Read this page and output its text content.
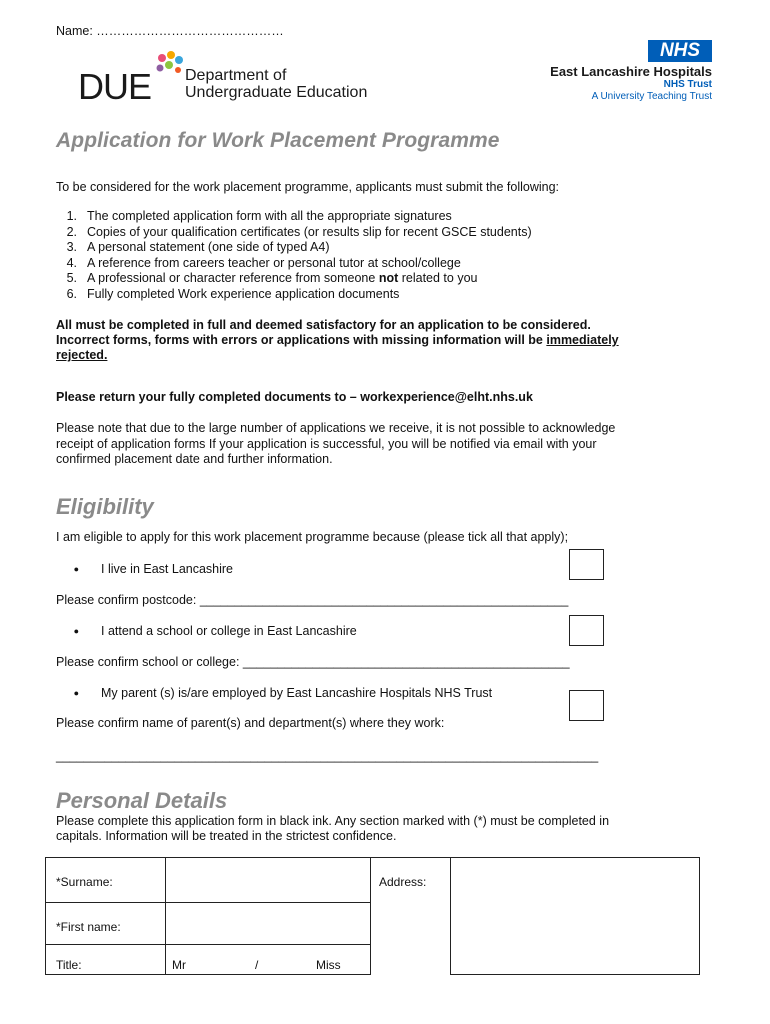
Name: ………………………………………
DUE Department of
Undergraduate Education
NHS
East Lancashire Hospitals
NHS Trust
A University Teaching Trust
Application for Work Placement Programme
To be considered for the work placement programme, applicants must submit the following:
1. The completed application form with all the appropriate signatures
2. Copies of your qualification certificates (or results slip for recent GSCE students)
3. A personal statement (one side of typed A4)
4. A reference from careers teacher or personal tutor at school/college
5. A professional or character reference from someone not related to you
6. Fully completed Work experience application documents
All must be completed in full and deemed satisfactory for an application to be considered.
Incorrect forms, forms with errors or applications with missing information will be immediately
rejected.
Please return your fully completed documents to – workexperience@elht.nhs.uk
Please note that due to the large number of applications we receive, it is not possible to acknowledge
receipt of application forms If your application is successful, you will be notified via email with your
confirmed placement date and further information.
Eligibility
I am eligible to apply for this work placement programme because (please tick all that apply);
● I live in East Lancashire
Please confirm postcode: _____________________________________________________
● I attend a school or college in East Lancashire
Please confirm school or college: _______________________________________________
● My parent (s) is/are employed by East Lancashire Hospitals NHS Trust
Please confirm name of parent(s) and department(s) where they work:
______________________________________________________________________________
Personal Details
Please complete this application form in black ink. Any section marked with (*) must be completed in
capitals. Information will be treated in the strictest confidence.
*Surname:		Address:	

*First name:			

Title:	Mr / Miss		
